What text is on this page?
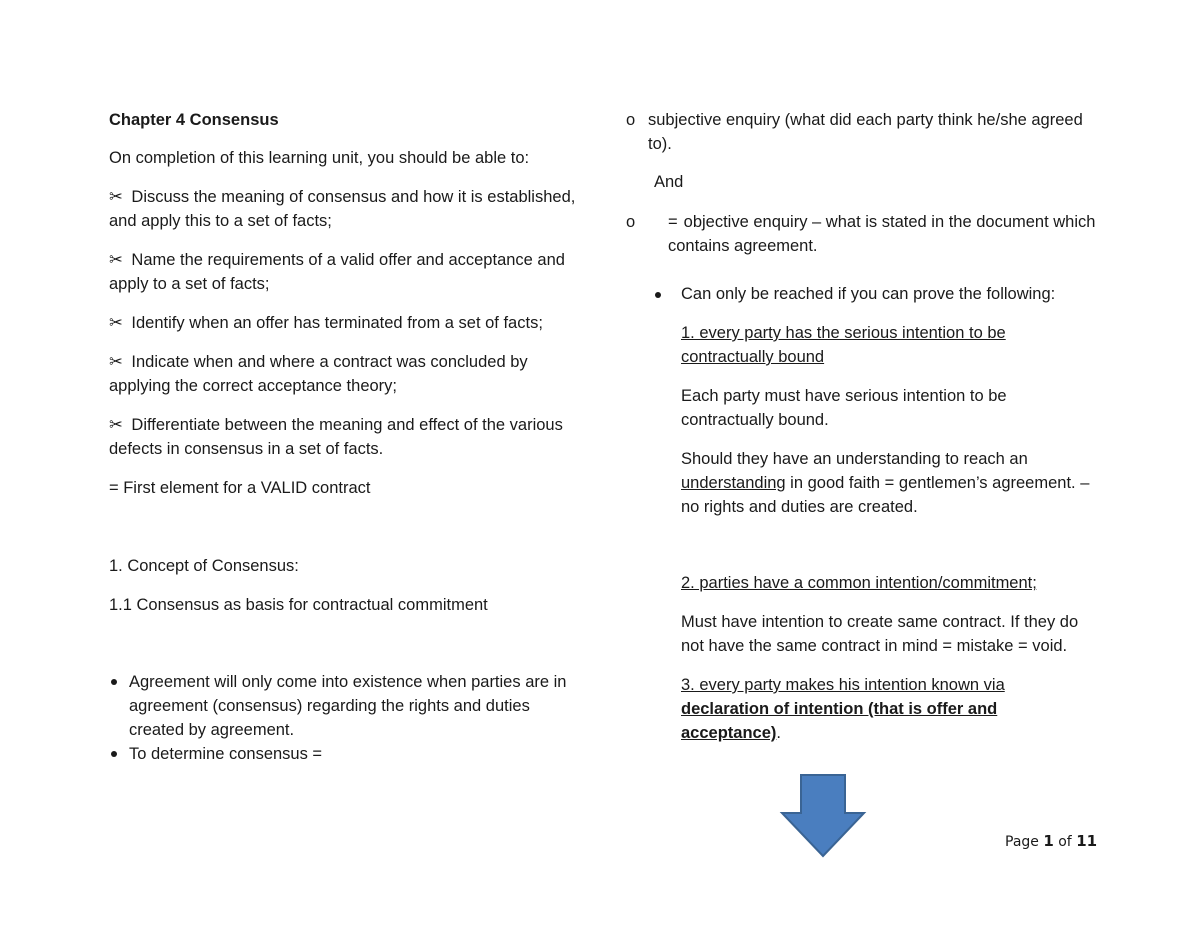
Chapter 4 Consensus

On completion of this learning unit, you should be able to:

✂ Discuss the meaning of consensus and how it is established, and apply this to a set of facts;
✂ Name the requirements of a valid offer and acceptance and apply to a set of facts;
✂ Identify when an offer has terminated from a set of facts;
✂ Indicate when and where a contract was concluded by applying the correct acceptance theory;
✂ Differentiate between the meaning and effect of the various defects in consensus in a set of facts.

= First element for a VALID contract

1. Concept of Consensus:

1.1 Consensus as basis for contractual commitment

Agreement will only come into existence when parties are in agreement (consensus) regarding the rights and duties created by agreement.
To determine consensus =
o subjective enquiry (what did each party think he/she agreed to).
And
o = objective enquiry – what is stated in the document which contains agreement.

Can only be reached if you can prove the following:

1. every party has the serious intention to be contractually bound

Each party must have serious intention to be contractually bound.

Should they have an understanding to reach an understanding in good faith = gentlemen’s agreement. – no rights and duties are created.

2. parties have a common intention/commitment;

Must have intention to create same contract. If they do not have the same contract in mind = mistake = void.

3. every party makes his intention known via declaration of intention (that is offer and acceptance).

Page 1 of 11
